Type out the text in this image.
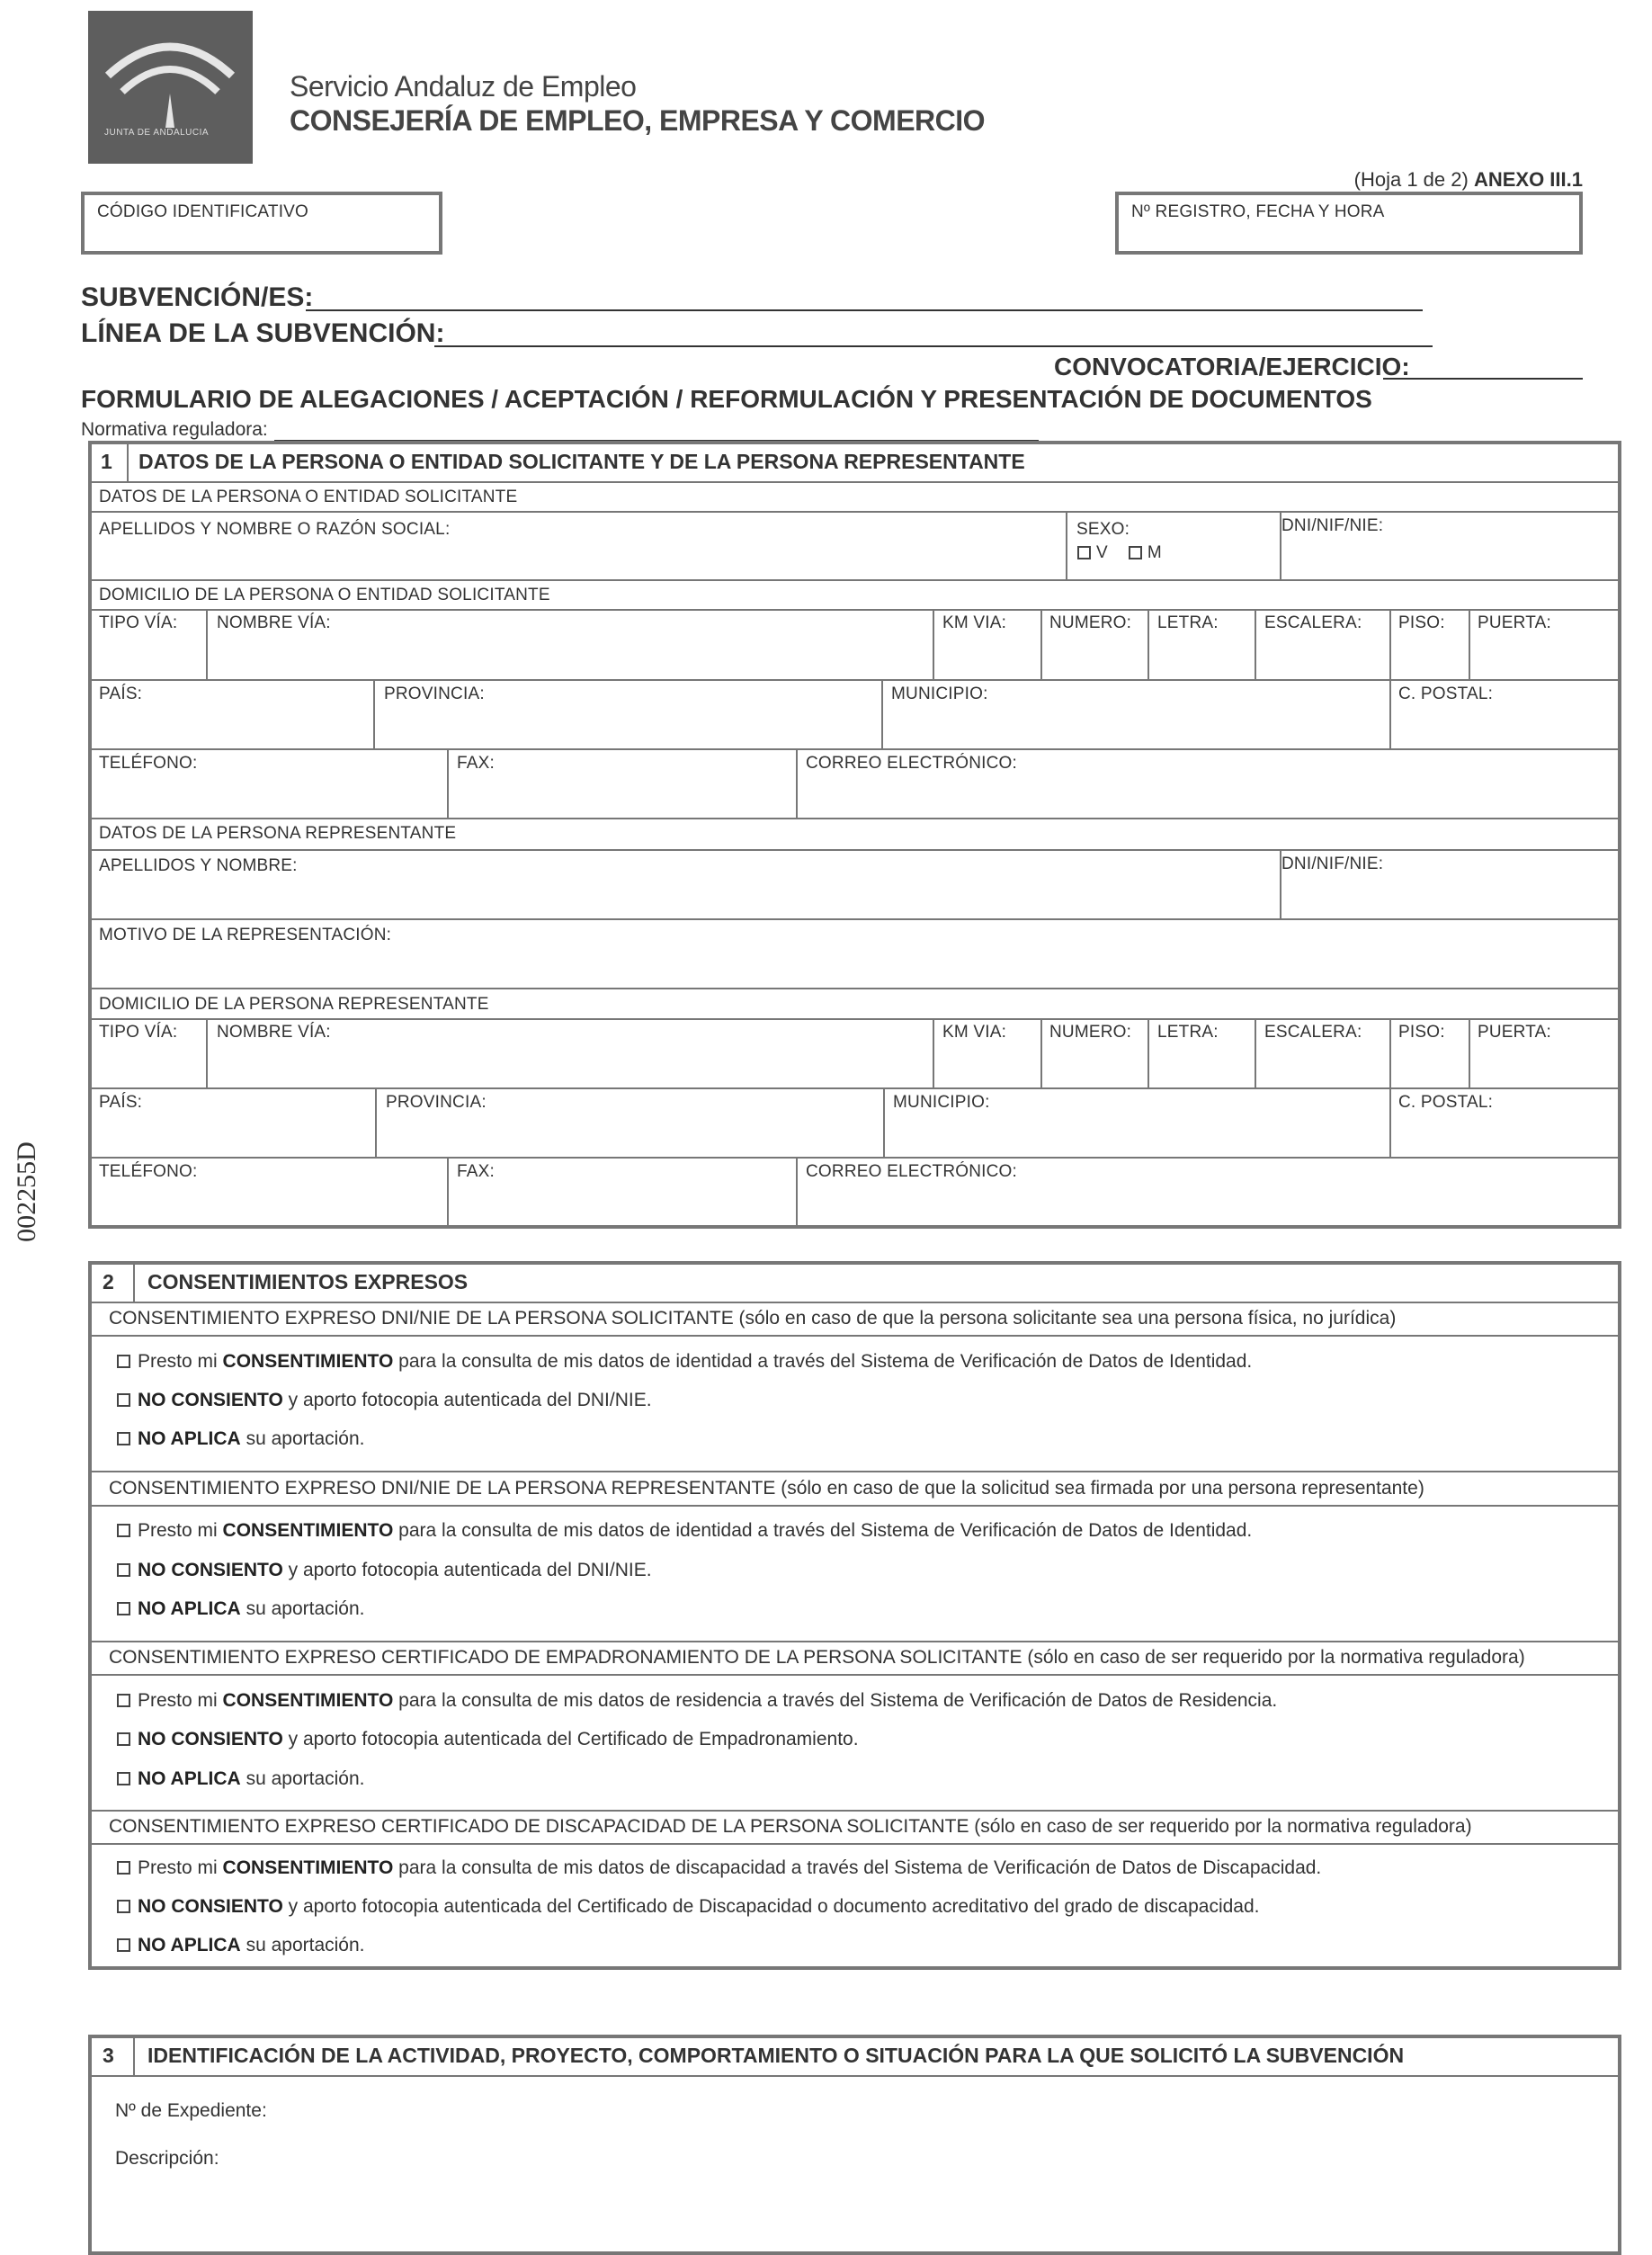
JUNTA DE ANDALUCIA
Servicio Andaluz de Empleo
CONSEJERÍA DE EMPLEO, EMPRESA Y COMERCIO
(Hoja 1 de 2) ANEXO III.1
CÓDIGO IDENTIFICATIVO	Nº REGISTRO, FECHA Y HORA
SUBVENCIÓN/ES:
LÍNEA DE LA SUBVENCIÓN:
CONVOCATORIA/EJERCICIO:
FORMULARIO DE ALEGACIONES / ACEPTACIÓN / REFORMULACIÓN Y PRESENTACIÓN DE DOCUMENTOS
Normativa reguladora:
002255D
1 DATOS DE LA PERSONA O ENTIDAD SOLICITANTE Y DE LA PERSONA REPRESENTANTE
DATOS DE LA PERSONA O ENTIDAD SOLICITANTE
APELLIDOS Y NOMBRE O RAZÓN SOCIAL:	SEXO:
V M
DNI/NIF/NIE:
DOMICILIO DE LA PERSONA O ENTIDAD SOLICITANTE
TIPO VÍA: NOMBRE VÍA:	KM VIA:	NUMERO: LETRA:	ESCALERA: PISO: PUERTA:
PAÍS:	PROVINCIA:	MUNICIPIO:	C. POSTAL:
TELÉFONO:	FAX:	CORREO ELECTRÓNICO:
DATOS DE LA PERSONA REPRESENTANTE
APELLIDOS Y NOMBRE:	DNI/NIF/NIE:
MOTIVO DE LA REPRESENTACIÓN:
DOMICILIO DE LA PERSONA REPRESENTANTE
TIPO VÍA: NOMBRE VÍA:	KM VIA:	NUMERO: LETRA:	ESCALERA: PISO: PUERTA:
PAÍS:	PROVINCIA:	MUNICIPIO:	C. POSTAL:
TELÉFONO:	FAX:	CORREO ELECTRÓNICO:
2 CONSENTIMIENTOS EXPRESOS
CONSENTIMIENTO EXPRESO DNI/NIE DE LA PERSONA SOLICITANTE (sólo en caso de que la persona solicitante sea una persona física, no jurídica)
Presto mi CONSENTIMIENTO para la consulta de mis datos de identidad a través del Sistema de Verificación de Datos de Identidad.
NO CONSIENTO y aporto fotocopia autenticada del DNI/NIE.
NO APLICA su aportación.
CONSENTIMIENTO EXPRESO DNI/NIE DE LA PERSONA REPRESENTANTE (sólo en caso de que la solicitud sea firmada por una persona representante)
Presto mi CONSENTIMIENTO para la consulta de mis datos de identidad a través del Sistema de Verificación de Datos de Identidad.
NO CONSIENTO y aporto fotocopia autenticada del DNI/NIE.
NO APLICA su aportación.
CONSENTIMIENTO EXPRESO CERTIFICADO DE EMPADRONAMIENTO DE LA PERSONA SOLICITANTE (sólo en caso de ser requerido por la normativa reguladora)
Presto mi CONSENTIMIENTO para la consulta de mis datos de residencia a través del Sistema de Verificación de Datos de Residencia.
NO CONSIENTO y aporto fotocopia autenticada del Certificado de Empadronamiento.
NO APLICA su aportación.
CONSENTIMIENTO EXPRESO CERTIFICADO DE DISCAPACIDAD DE LA PERSONA SOLICITANTE (sólo en caso de ser requerido por la normativa reguladora)
Presto mi CONSENTIMIENTO para la consulta de mis datos de discapacidad a través del Sistema de Verificación de Datos de Discapacidad.
NO CONSIENTO y aporto fotocopia autenticada del Certificado de Discapacidad o documento acreditativo del grado de discapacidad.
NO APLICA su aportación.
3 IDENTIFICACIÓN DE LA ACTIVIDAD, PROYECTO, COMPORTAMIENTO O SITUACIÓN PARA LA QUE SOLICITÓ LA SUBVENCIÓN
Nº de Expediente:
Descripción:
